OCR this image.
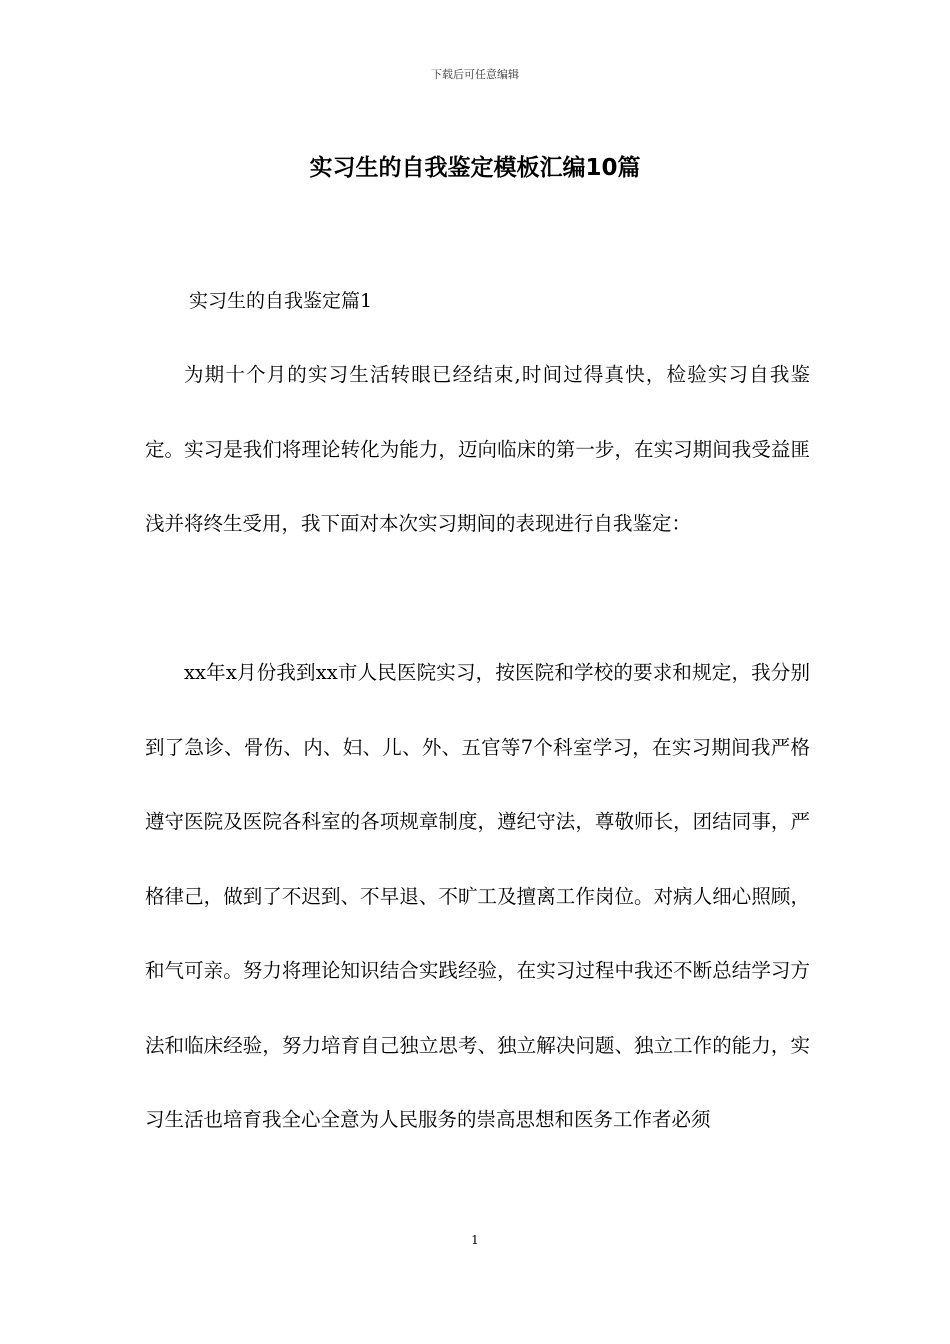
下载后可任意编辑
实习生的自我鉴定模板汇编10篇
实习生的自我鉴定篇1

为期十个月的实习生活转眼已经结束,时间过得真快，检验实习自我鉴定。实习是我们将理论转化为能力，迈向临床的第一步，在实习期间我受益匪浅并将终生受用，我下面对本次实习期间的表现进行自我鉴定：

xx年x月份我到xx市人民医院实习，按医院和学校的要求和规定，我分别到了急诊、骨伤、内、妇、儿、外、五官等7个科室学习，在实习期间我严格遵守医院及医院各科室的各项规章制度，遵纪守法，尊敬师长，团结同事，严格律己，做到了不迟到、不早退、不旷工及擅离工作岗位。对病人细心照顾，和气可亲。努力将理论知识结合实践经验，在实习过程中我还不断总结学习方法和临床经验，努力培育自己独立思考、独立解决问题、独立工作的能力，实习生活也培育我全心全意为人民服务的崇高思想和医务工作者必须

1
